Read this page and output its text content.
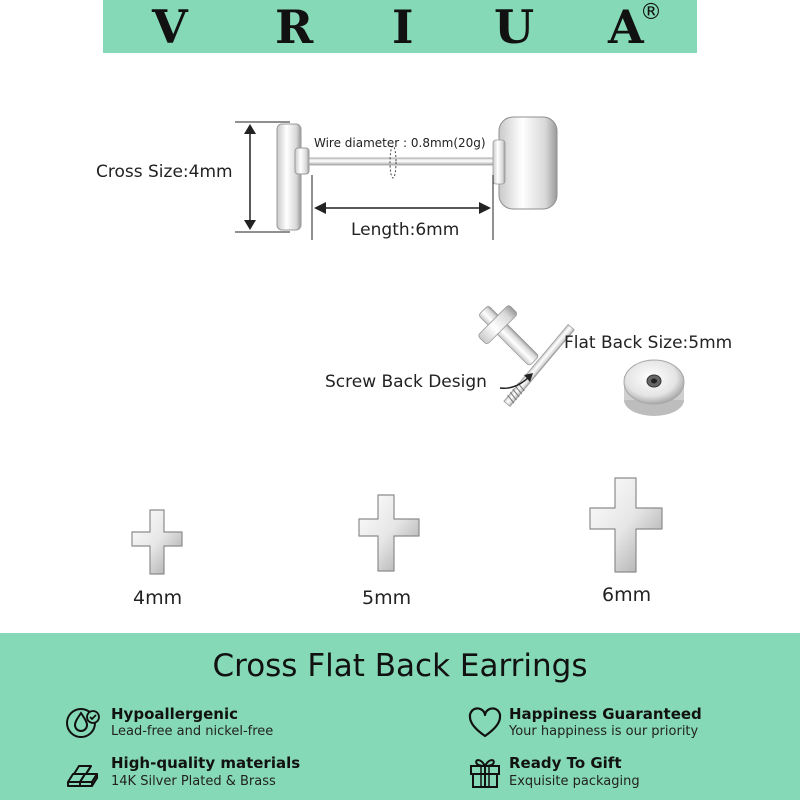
V R I U A
®
Cross Size:4mm
Wire diameter : 0.8mm(20g)
Length:6mm
Flat Back Size:5mm
Screw Back Design
4mm	5mm	6mm
Cross Flat Back Earrings
Hypoallergenic
Lead-free and nickel-free
Happiness Guaranteed
Your happiness is our priority
High-quality materials
14K Silver Plated & Brass
Ready To Gift
Exquisite packaging
